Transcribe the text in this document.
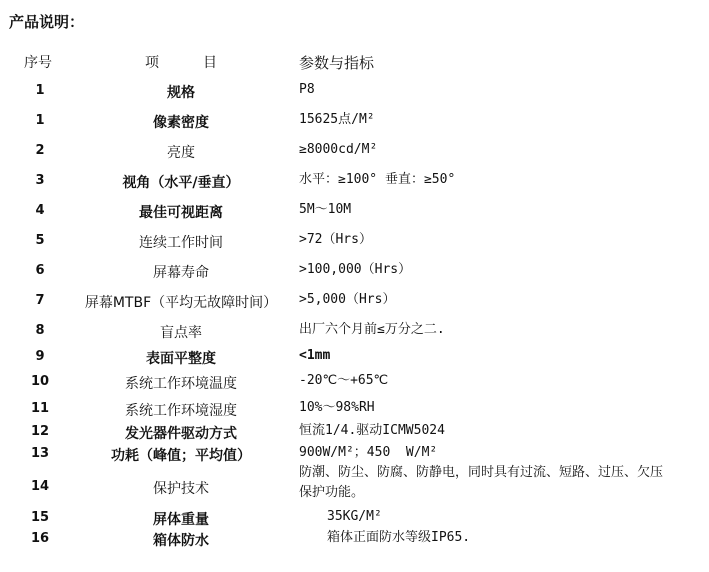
产品说明：
序号	项	目	参数与指标
1	规格	P8
1	像素密度	15625点/M²
2	亮度	≥8000cd/M²
3	视角（水平/垂直）	水平：≥100° 垂直：≥50°
4	最佳可视距离	5M～10M
5	连续工作时间	>72（Hrs）
6	屏幕寿命	>100,000（Hrs）
7	屏幕MTBF（平均无故障时间）	>5,000（Hrs）
8	盲点率	出厂六个月前≤万分之二.
9	表面平整度	<1mm
10	系统工作环境温度	-20℃～+65℃
11	系统工作环境湿度	10%～98%RH
12	发光器件驱动方式	恒流1/4.驱动ICMW5024
13	功耗（峰值；平均值）	900W/M²；450  W/M²
14	保护技术
防潮、防尘、防腐、防静电，同时具有过流、短路、过压、欠压保护功能。
15	屏体重量	35KG/M²
16	箱体防水	箱体正面防水等级IP65.
